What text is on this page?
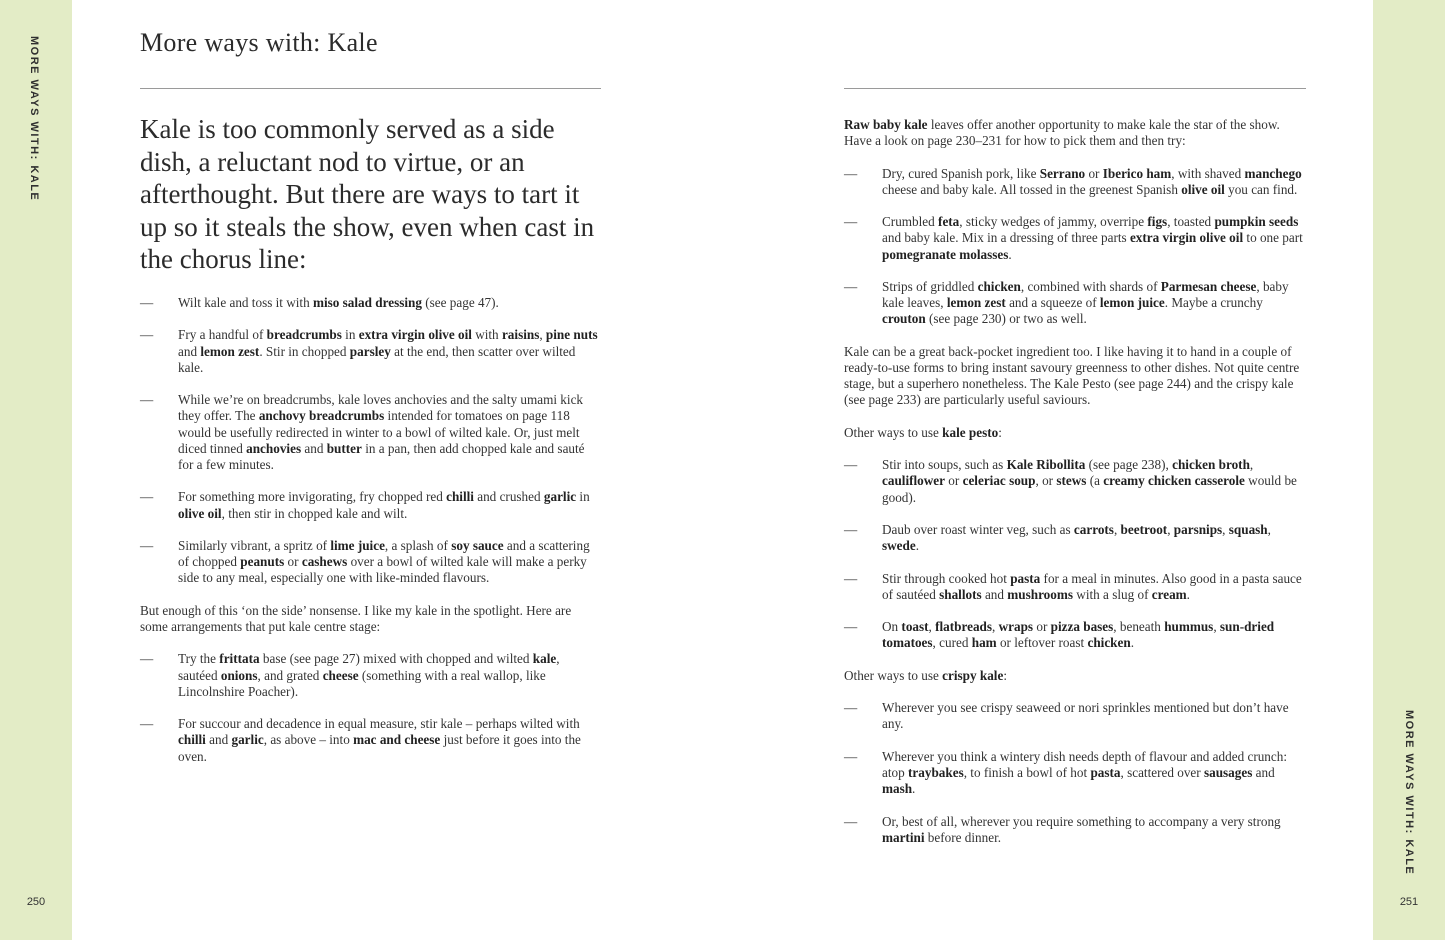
MORE WAYS WITH: KALE
250
MORE WAYS WITH: KALE
251
More ways with: Kale

Kale is too commonly served as a side dish, a reluctant nod to virtue, or an afterthought. But there are ways to tart it up so it steals the show, even when cast in the chorus line:

— Wilt kale and toss it with miso salad dressing (see page 47).
— Fry a handful of breadcrumbs in extra virgin olive oil with raisins, pine nuts and lemon zest. Stir in chopped parsley at the end, then scatter over wilted kale.
— While we’re on breadcrumbs, kale loves anchovies and the salty umami kick they offer. The anchovy breadcrumbs intended for tomatoes on page 118 would be usefully redirected in winter to a bowl of wilted kale. Or, just melt diced tinned anchovies and butter in a pan, then add chopped kale and sauté for a few minutes.
— For something more invigorating, fry chopped red chilli and crushed garlic in olive oil, then stir in chopped kale and wilt.
— Similarly vibrant, a spritz of lime juice, a splash of soy sauce and a scattering of chopped peanuts or cashews over a bowl of wilted kale will make a perky side to any meal, especially one with like-minded flavours.

But enough of this ‘on the side’ nonsense. I like my kale in the spotlight. Here are some arrangements that put kale centre stage:

— Try the frittata base (see page 27) mixed with chopped and wilted kale, sautéed onions, and grated cheese (something with a real wallop, like Lincolnshire Poacher).
— For succour and decadence in equal measure, stir kale – perhaps wilted with chilli and garlic, as above – into mac and cheese just before it goes into the oven.

Raw baby kale leaves offer another opportunity to make kale the star of the show. Have a look on page 230–231 for how to pick them and then try:

— Dry, cured Spanish pork, like Serrano or Iberico ham, with shaved manchego cheese and baby kale. All tossed in the greenest Spanish olive oil you can find.
— Crumbled feta, sticky wedges of jammy, overripe figs, toasted pumpkin seeds and baby kale. Mix in a dressing of three parts extra virgin olive oil to one part pomegranate molasses.
— Strips of griddled chicken, combined with shards of Parmesan cheese, baby kale leaves, lemon zest and a squeeze of lemon juice. Maybe a crunchy crouton (see page 230) or two as well.

Kale can be a great back-pocket ingredient too. I like having it to hand in a couple of ready-to-use forms to bring instant savoury greenness to other dishes. Not quite centre stage, but a superhero nonetheless. The Kale Pesto (see page 244) and the crispy kale (see page 233) are particularly useful saviours.

Other ways to use kale pesto:

— Stir into soups, such as Kale Ribollita (see page 238), chicken broth, cauliflower or celeriac soup, or stews (a creamy chicken casserole would be good).
— Daub over roast winter veg, such as carrots, beetroot, parsnips, squash, swede.
— Stir through cooked hot pasta for a meal in minutes. Also good in a pasta sauce of sautéed shallots and mushrooms with a slug of cream.
— On toast, flatbreads, wraps or pizza bases, beneath hummus, sun-dried tomatoes, cured ham or leftover roast chicken.

Other ways to use crispy kale:

— Wherever you see crispy seaweed or nori sprinkles mentioned but don’t have any.
— Wherever you think a wintery dish needs depth of flavour and added crunch: atop traybakes, to finish a bowl of hot pasta, scattered over sausages and mash.
— Or, best of all, wherever you require something to accompany a very strong martini before dinner.
